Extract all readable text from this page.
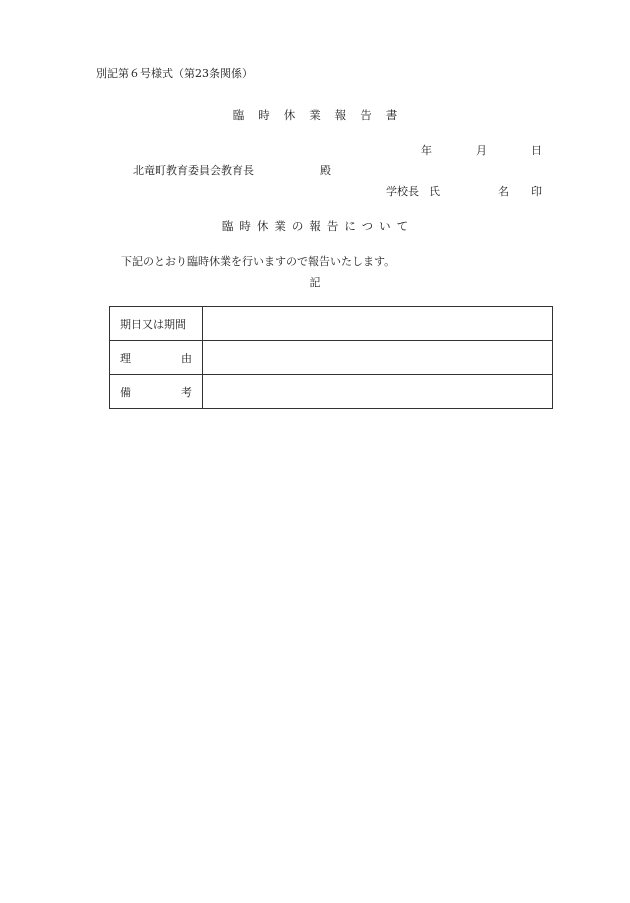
別記第６号様式（第23条関係）
臨時休業報告書
年	月	日
北竜町教育委員会教育長	殿
学校長 氏	名 印
臨時休業の報告について
下記のとおり臨時休業を行いますので報告いたします。
記
期日又は期間	

理 由	

備 考	
